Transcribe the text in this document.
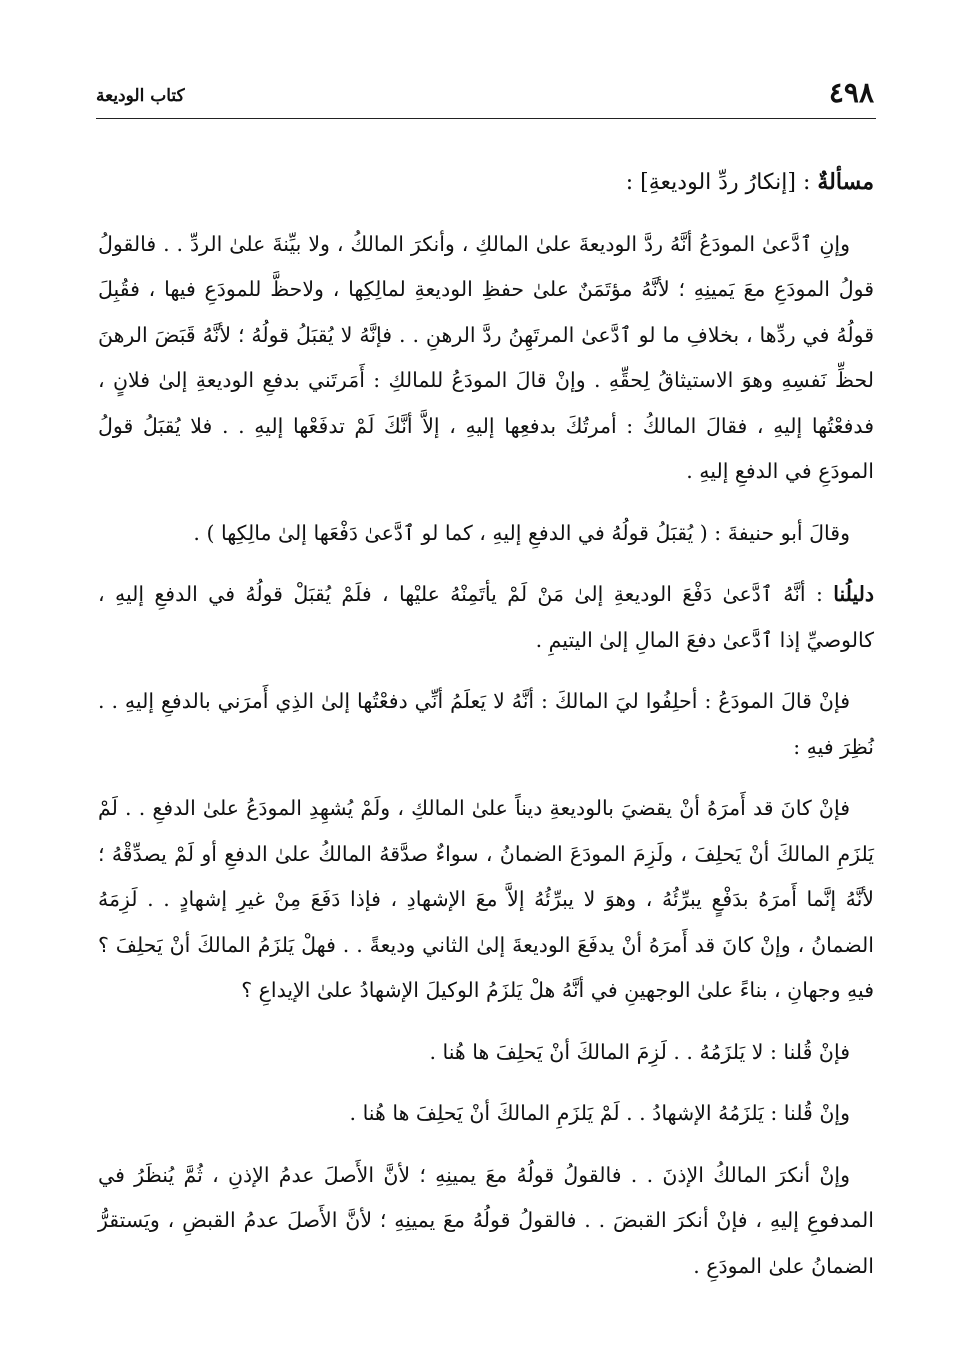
٤٩٨
كتاب الوديعة

مسألةٌ : [إنكارُ ردِّ الوديعةِ] :

وإنِ ٱدَّعىٰ المودَعُ أنَّهُ ردَّ الوديعةَ علىٰ المالكِ ، وأنكرَ المالكُ ، ولا بيِّنةَ علىٰ الردِّ . . فالقولُ قولُ المودَعِ معَ يَمينِهِ ؛ لأنَّهُ مؤتَمَنٌ علىٰ حفظِ الوديعةِ لمالِكِها ، ولاحظَّ للمودَعِ فيها ، فقُبِلَ قولُهُ في ردِّها ، بخلافِ ما لو ٱدَّعىٰ المرتَهِنُ ردَّ الرهنِ . . فإنَّهُ لا يُقبَلُ قولُهُ ؛ لأنَّهُ قَبَضَ الرهنَ لحظِّ نَفسِهِ وهوَ الاستيثاقُ لِحقِّهِ . وإنْ قالَ المودَعُ للمالكِ : أَمَرتَني بدفعِ الوديعةِ إلىٰ فلانٍ ، فدفعْتُها إليهِ ، فقالَ المالكُ : أمرتُكَ بدفعِها إليهِ ، إلاَّ أنَّكَ لَمْ تدفَعْها إليهِ . . فلا يُقبَلُ قولُ المودَعِ في الدفعِ إليهِ .

وقالَ أبو حنيفةَ : ( يُقبَلُ قولُهُ في الدفعِ إليهِ ، كما لو ٱدَّعىٰ دَفْعَها إلىٰ مالِكِها ) .

دليلُنا : أنَّهُ ٱدَّعىٰ دَفْعَ الوديعةِ إلىٰ مَنْ لَمْ يأتَمِنْهُ عليْها ، فلَمْ يُقبَلْ قولُهُ في الدفعِ إليهِ ، كالوصيِّ إذا ٱدَّعىٰ دفعَ المالِ إلىٰ اليتيمِ .

فإنْ قالَ المودَعُ : أحلِفُوا ليَ المالكَ : أنَّهُ لا يَعلَمُ أنِّي دفعْتُها إلىٰ الذِي أَمرَني بالدفعِ إليهِ . . نُظِرَ فيهِ :

فإنْ كانَ قد أَمرَهُ أنْ يقضيَ بالوديعةِ ديناً علىٰ المالكِ ، ولَمْ يُشهِدِ المودَعُ علىٰ الدفعِ . . لَمْ يَلزَمِ المالكَ أنْ يَحلِفَ ، ولَزِمَ المودَعَ الضمانُ ، سواءٌ صدَّقهُ المالكُ علىٰ الدفعِ أو لَمْ يصدِّقْهُ ؛ لأنَّهُ إنَّما أَمرَهُ بدَفْعٍ يبرِّئُهُ ، وهوَ لا يبرِّئُهُ إلاَّ معَ الإشهادِ ، فإذا دَفَعَ مِنْ غيرِ إشهادٍ . . لَزِمَهُ الضمانُ ، وإنْ كانَ قد أَمرَهُ أنْ يدفَعَ الوديعةَ إلىٰ الثاني وديعةً . . فهلْ يَلزَمُ المالكَ أنْ يَحلِفَ ؟ فيهِ وجهانِ ، بناءً علىٰ الوجهينِ في أنَّهُ هلْ يَلزَمُ الوكيلَ الإشهادُ علىٰ الإيداعِ ؟

فإنْ قُلنا : لا يَلزَمُهُ . . لَزِمَ المالكَ أنْ يَحلِفَ ها هُنا .

وإنْ قُلنا : يَلزَمُهُ الإشهادُ . . لَمْ يَلزَمِ المالكَ أنْ يَحلِفَ ها هُنا .

وإنْ أنكرَ المالكُ الإذنَ . . فالقولُ قولُهُ معَ يمينِهِ ؛ لأنَّ الأَصلَ عدمُ الإذنِ ، ثُمَّ يُنظَرُ في المدفوعِ إليهِ ، فإنْ أنكرَ القبضَ . . فالقولُ قولُهُ معَ يمينِهِ ؛ لأنَّ الأَصلَ عدمُ القبضِ ، ويَستقرُّ الضمانُ علىٰ المودَعِ .
